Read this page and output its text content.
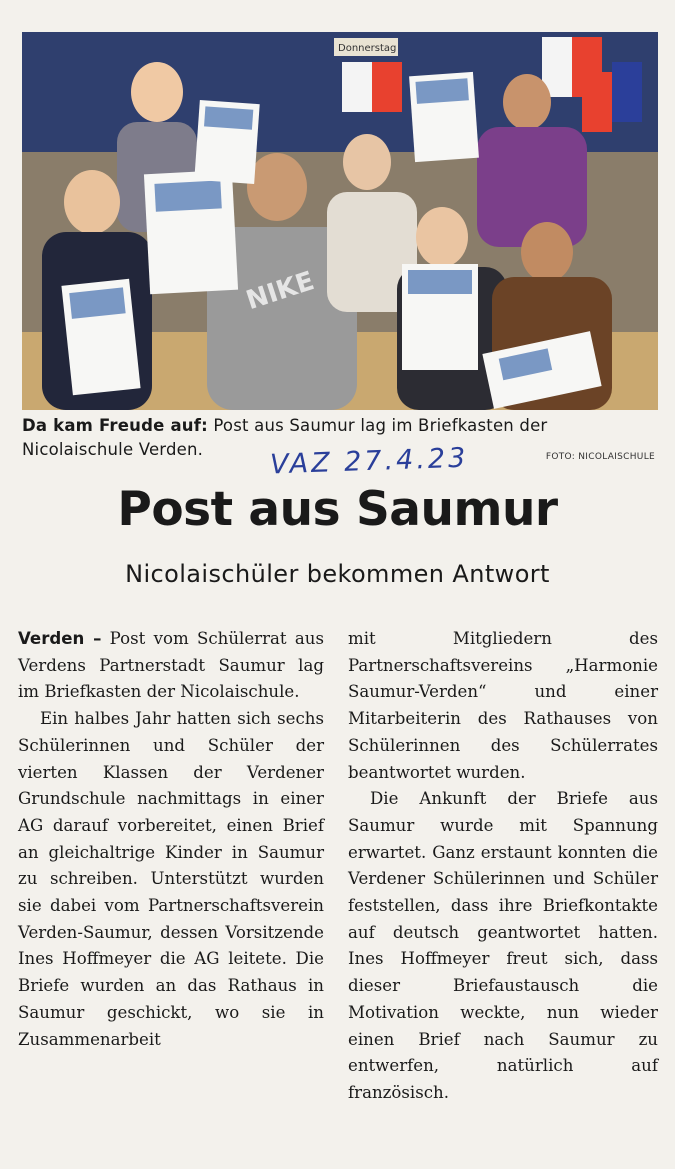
Donnerstag
NIKE
Da kam Freude auf: Post aus Saumur lag im Briefkasten der Nicolaischule Verden.	VAZ 27.4.23	FOTO: NICOLAISCHULE
Post aus Saumur
Nicolaischüler bekommen Antwort

Verden – Post vom Schülerrat aus Verdens Partnerstadt Saumur lag im Briefkasten der Nicolaischule.

Ein halbes Jahr hatten sich sechs Schülerinnen und Schüler der vierten Klassen der Verdener Grundschule nachmittags in einer AG darauf vorbereitet, einen Brief an gleichaltrige Kinder in Saumur zu schreiben. Unterstützt wurden sie dabei vom Partnerschaftsverein Verden-Saumur, dessen Vorsitzende Ines Hoffmeyer die AG leitete. Die Briefe wurden an das Rathaus in Saumur geschickt, wo sie in Zusammenarbeit

mit Mitgliedern des Partnerschaftsvereins „Harmonie Saumur-Verden“ und einer Mitarbeiterin des Rathauses von Schülerinnen des Schülerrates beantwortet wurden.

Die Ankunft der Briefe aus Saumur wurde mit Spannung erwartet. Ganz erstaunt konnten die Verdener Schülerinnen und Schüler feststellen, dass ihre Briefkontakte auf deutsch geantwortet hatten. Ines Hoffmeyer freut sich, dass dieser Briefaustausch die Motivation weckte, nun wieder einen Brief nach Saumur zu entwerfen, natürlich auf französisch.
